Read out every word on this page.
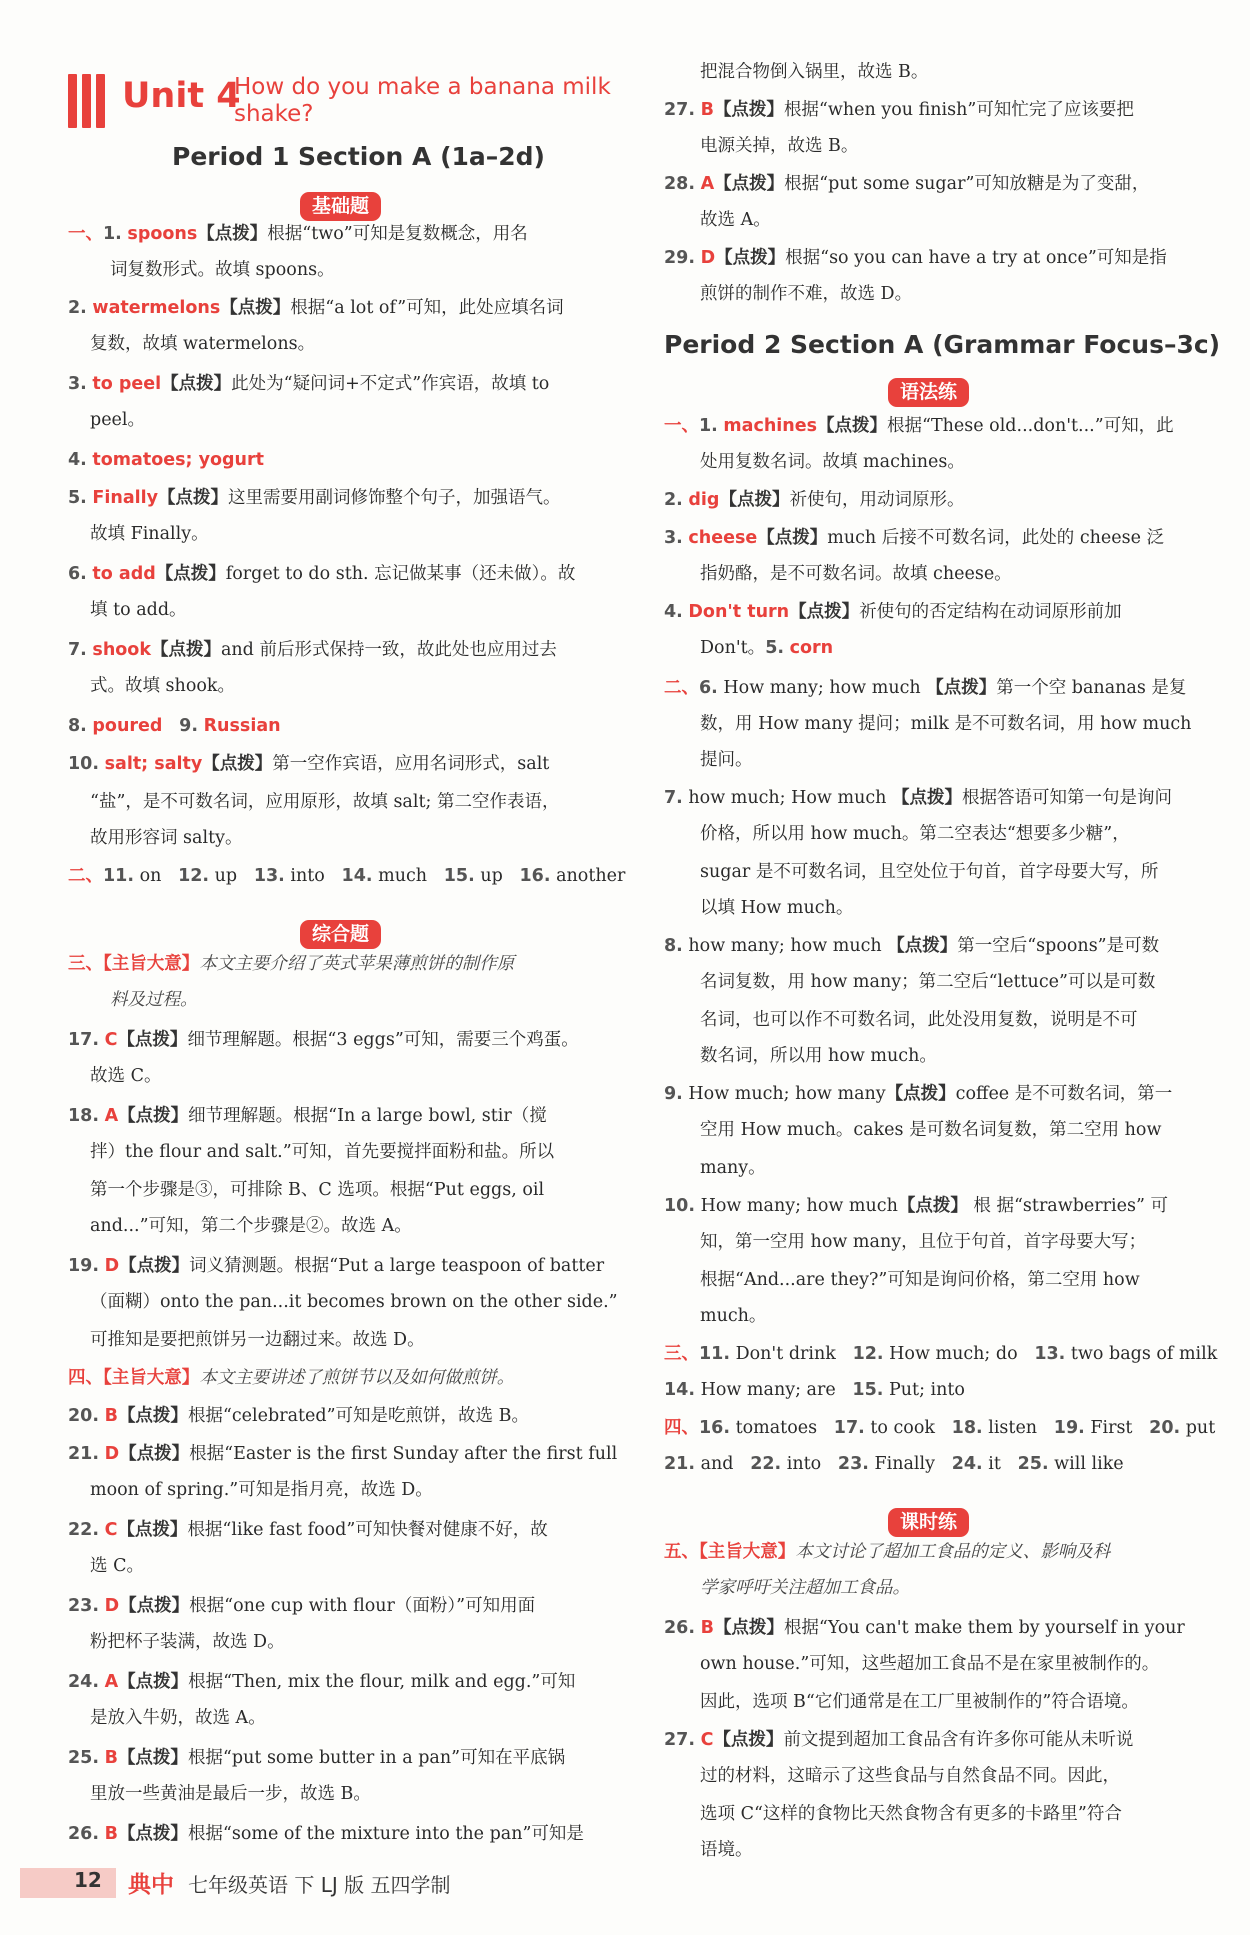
Unit 4
How do you make a banana milk
shake?
Period 1 Section A (1a–2d)
基础题
综合题
Period 2 Section A (Grammar Focus–3c)
语法练
课时练
一、1. spoons【点拨】根据“two”可知是复数概念，用名
词复数形式。故填 spoons。
2. watermelons【点拨】根据“a lot of”可知，此处应填名词
复数，故填 watermelons。
3. to peel【点拨】此处为“疑问词+不定式”作宾语，故填 to
peel。
4. tomatoes; yogurt
5. Finally【点拨】这里需要用副词修饰整个句子，加强语气。
故填 Finally。
6. to add【点拨】forget to do sth. 忘记做某事（还未做）。故
填 to add。
7. shook【点拨】and 前后形式保持一致，故此处也应用过去
式。故填 shook。
8. poured 9. Russian
10. salt; salty【点拨】第一空作宾语，应用名词形式，salt
“盐”，是不可数名词，应用原形，故填 salt; 第二空作表语，
故用形容词 salty。
二、11. on   12. up   13. into   14. much   15. up   16. another
三、【主旨大意】本文主要介绍了英式苹果薄煎饼的制作原
料及过程。
17. C【点拨】细节理解题。根据“3 eggs”可知，需要三个鸡蛋。
故选 C。
18. A【点拨】细节理解题。根据“In a large bowl, stir（搅
拌）the flour and salt.”可知，首先要搅拌面粉和盐。所以
第一个步骤是③，可排除 B、C 选项。根据“Put eggs, oil
and...”可知，第二个步骤是②。故选 A。
19. D【点拨】词义猜测题。根据“Put a large teaspoon of batter
（面糊）onto the pan...it becomes brown on the other side.”
可推知是要把煎饼另一边翻过来。故选 D。
四、【主旨大意】本文主要讲述了煎饼节以及如何做煎饼。
20. B【点拨】根据“celebrated”可知是吃煎饼，故选 B。
21. D【点拨】根据“Easter is the first Sunday after the first full
moon of spring.”可知是指月亮，故选 D。
22. C【点拨】根据“like fast food”可知快餐对健康不好，故
选 C。
23. D【点拨】根据“one cup with flour（面粉）”可知用面
粉把杯子装满，故选 D。
24. A【点拨】根据“Then, mix the flour, milk and egg.”可知
是放入牛奶，故选 A。
25. B【点拨】根据“put some butter in a pan”可知在平底锅
里放一些黄油是最后一步，故选 B。
26. B【点拨】根据“some of the mixture into the pan”可知是
把混合物倒入锅里，故选 B。
27. B【点拨】根据“when you finish”可知忙完了应该要把
电源关掉，故选 B。
28. A【点拨】根据“put some sugar”可知放糖是为了变甜，
故选 A。
29. D【点拨】根据“so you can have a try at once”可知是指
煎饼的制作不难，故选 D。
一、1. machines【点拨】根据“These old...don't...”可知，此
处用复数名词。故填 machines。
2. dig【点拨】祈使句，用动词原形。
3. cheese【点拨】much 后接不可数名词，此处的 cheese 泛
指奶酪，是不可数名词。故填 cheese。
4. Don't turn【点拨】祈使句的否定结构在动词原形前加
Don't。5. corn
二、6. How many; how much 【点拨】第一个空 bananas 是复
数，用 How many 提问；milk 是不可数名词，用 how much
提问。
7. how much; How much 【点拨】根据答语可知第一句是询问
价格，所以用 how much。第二空表达“想要多少糖”，
sugar 是不可数名词，且空处位于句首，首字母要大写，所
以填 How much。
8. how many; how much 【点拨】第一空后“spoons”是可数
名词复数，用 how many；第二空后“lettuce”可以是可数
名词，也可以作不可数名词，此处没用复数，说明是不可
数名词，所以用 how much。
9. How much; how many【点拨】coffee 是不可数名词，第一
空用 How much。cakes 是可数名词复数，第二空用 how
many。
10. How many; how much【点拨】 根 据“strawberries” 可
知，第一空用 how many，且位于句首，首字母要大写；
根据“And...are they?”可知是询问价格，第二空用 how
much。
三、11. Don't drink   12. How much; do   13. two bags of milk
14. How many; are   15. Put; into
四、16. tomatoes   17. to cook   18. listen   19. First   20. put
21. and   22. into   23. Finally   24. it   25. will like
五、【主旨大意】本文讨论了超加工食品的定义、影响及科
学家呼吁关注超加工食品。
26. B【点拨】根据“You can't make them by yourself in your
own house.”可知，这些超加工食品不是在家里被制作的。
因此，选项 B“它们通常是在工厂里被制作的”符合语境。
27. C【点拨】前文提到超加工食品含有许多你可能从未听说
过的材料，这暗示了这些食品与自然食品不同。因此，
选项 C“这样的食物比天然食物含有更多的卡路里”符合
语境。
12 典中 七年级英语 下 LJ 版 五四学制
